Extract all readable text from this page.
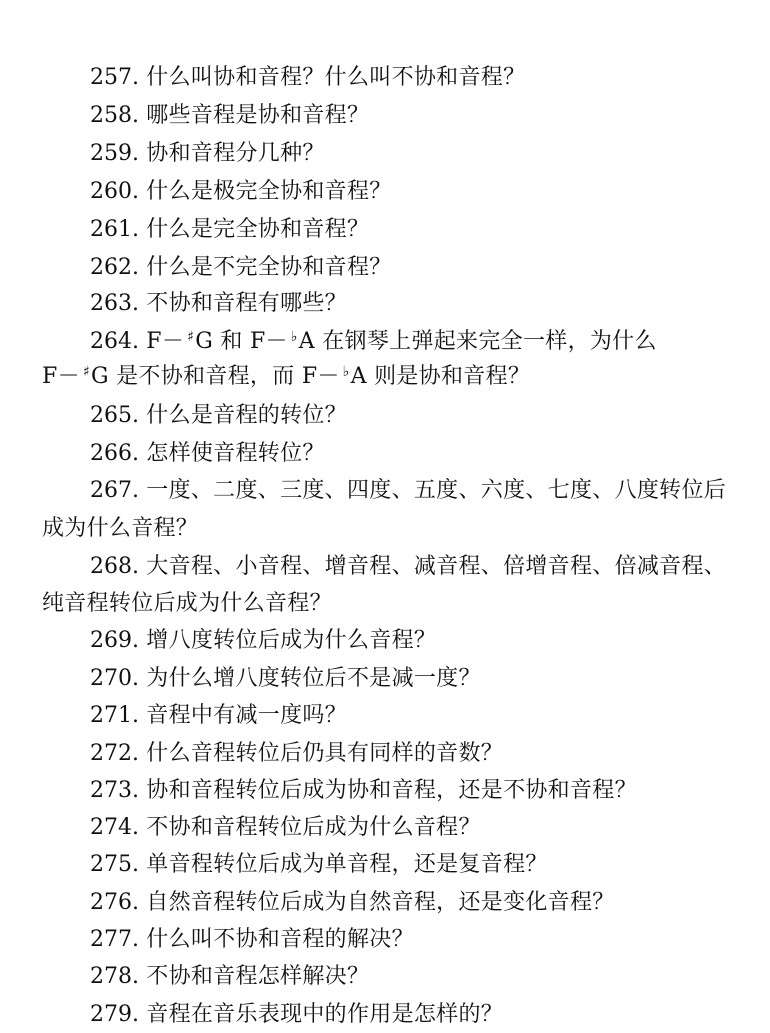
257. 什么叫协和音程？什么叫不协和音程？
258. 哪些音程是协和音程？
259. 协和音程分几种？
260. 什么是极完全协和音程？
261. 什么是完全协和音程？
262. 什么是不完全协和音程？
263. 不协和音程有哪些？
264. F－ ♯G 和 F－ ♭A 在钢琴上弹起来完全一样，为什么
F－ ♯G 是不协和音程，而 F－ ♭A 则是协和音程？
265. 什么是音程的转位？
266. 怎样使音程转位？
267. 一度、二度、三度、四度、五度、六度、七度、八度转位后
成为什么音程？
268. 大音程、小音程、增音程、减音程、倍增音程、倍减音程、
纯音程转位后成为什么音程？
269. 增八度转位后成为什么音程？
270. 为什么增八度转位后不是减一度？
271. 音程中有减一度吗？
272. 什么音程转位后仍具有同样的音数？
273. 协和音程转位后成为协和音程，还是不协和音程？
274. 不协和音程转位后成为什么音程？
275. 单音程转位后成为单音程，还是复音程？
276. 自然音程转位后成为自然音程，还是变化音程？
277. 什么叫不协和音程的解决？
278. 不协和音程怎样解决？
279. 音程在音乐表现中的作用是怎样的？
